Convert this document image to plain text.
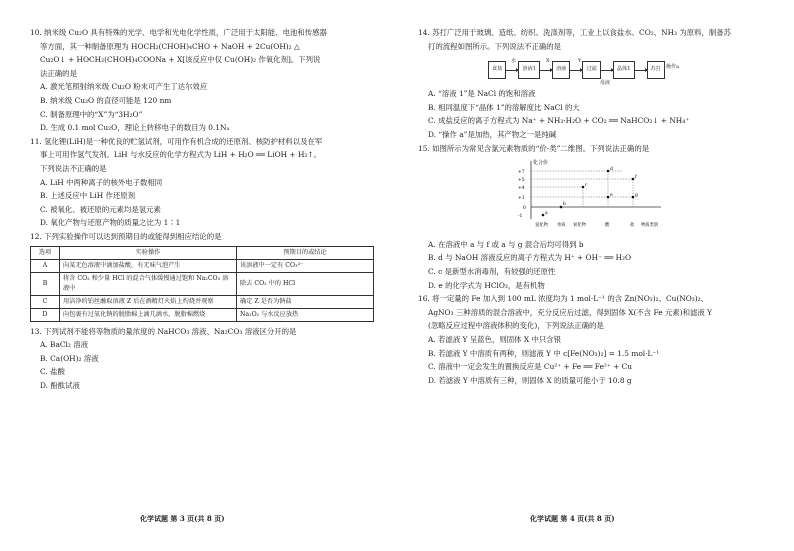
10. 纳米级 Cu₂O 具有特殊的光学、电学和光电化学性质，广泛用于太阳能、电池和传感器
等方面，其一种制备原理为 HOCH₂(CHOH)₄CHO + NaOH + 2Cu(OH)₂ △
Cu₂O↓ + HOCH₂(CHOH)₄COONa + X[该反应中仅 Cu(OH)₂ 作氧化剂]。下列说
法正确的是
A. 激光笔照射纳米级 Cu₂O 粉末可产生丁达尔效应
B. 纳米级 Cu₂O 的直径可能是 120 nm
C. 制备原理中的“X”为“3H₂O”
D. 生成 0.1 mol Cu₂O，理论上转移电子的数目为 0.1Nₐ
11. 氢化锂(LiH)是一种优良的贮氢试剂，可用作有机合成的还原剂、核防护材料以及在军
事上可用作氢气发剂。LiH 与水反应的化学方程式为 LiH + H₂O ══ LiOH + H₂↑。
下列说法不正确的是
A. LiH 中两种离子的核外电子数相同
B. 上述反应中 LiH 作还原剂
C. 被氧化、被还原的元素均是氢元素
D. 氧化产物与还原产物的质量之比为 1∶1
12. 下列实验操作可以达到预期目的或能得到相应结论的是
选项	实验操作	预期目的或结论
A	向某无色溶液中滴加盐酸，有无味气泡产生	该溶液中一定有 CO₃²⁻
B	将含 CO₂ 和少量 HCl 的混合气体缓慢通过饱和 Na₂CO₃ 溶液中	除去 CO₂ 中的 HCl
C	用洁净的铂丝蘸取溶液 Z 后在酒精灯火焰上灼烧并观察	确定 Z 是否为钠盐
D	向包裹有过氧化钠的脱脂棉上滴几滴水，脱脂棉燃烧	Na₂O₂ 与水反应放热
13. 下列试剂不能将等物质的量浓度的 NaHCO₃ 溶液、Na₂CO₃ 溶液区分开的是
A. BaCl₂ 溶液
B. Ca(OH)₂ 溶液
C. 盐酸
D. 酚酞试液
化学试题 第 3 页(共 8 页)
14. 苏打广泛用于玻璃、造纸、纺织、洗涤剂等，工业上以食盐水、CO₂、NH₃ 为原料，制备苏
打的流程如图所示。下列说法不正确的是
食盐	溶液1	溶液	过滤	晶体1	苏打
水	X	Y
母液
操作a
A. “溶液 1”是 NaCl 的饱和溶液
B. 相同温度下“晶体 1”的溶解度比 NaCl 的大
C. 成盐反应的离子方程式为 Na⁺ + NH₃·H₂O + CO₂ ══ NaHCO₃↓ + NH₄⁺
D. “操作 a”是加热，其产物之一是纯碱
15. 如图所示为常见含氯元素物质的“价-类”二维图。下列说法正确的是
化合价
+7
+5
+4
+1
0
-1
a
b
c
d
e
f
g
氢化物 单质 氧化物	酸	盐 物质类别
A. 在溶液中 a 与 f 或 a 与 g 混合后均可得到 b
B. d 与 NaOH 溶液反应的离子方程式为 H⁺ + OH⁻ ══ H₂O
C. c 是新型水消毒剂，有较强的还原性
D. e 的化学式为 HClO₃，是有机物
16. 将一定量的 Fe 加入到 100 mL 浓度均为 1 mol·L⁻¹ 的含 Zn(NO₃)₂、Cu(NO₃)₂、
AgNO₃ 三种溶质的混合溶液中，充分反应后过滤，得到固体 X(不含 Fe 元素)和滤液 Y
(忽略反应过程中溶液体积的变化)，下列说法正确的是
A. 若滤液 Y 呈蓝色，则固体 X 中只含银
B. 若滤液 Y 中溶质有两种，则滤液 Y 中 c[Fe(NO₃)₂] = 1.5 mol·L⁻¹
C. 溶液中一定会发生的置换反应是 Cu²⁺ + Fe ══ Fe²⁺ + Cu
D. 若滤液 Y 中溶质有三种，则固体 X 的质量可能小于 10.8 g
化学试题 第 4 页(共 8 页)
